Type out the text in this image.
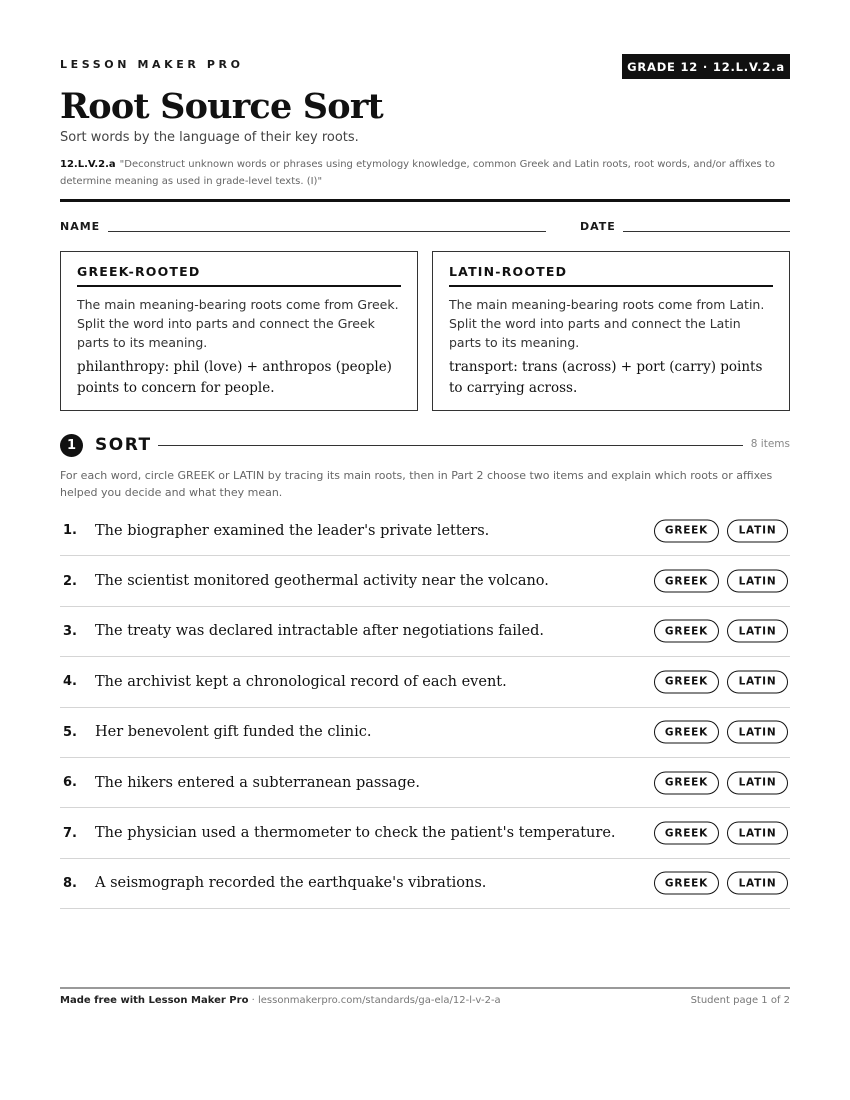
LESSON MAKER PRO	GRADE 12 · 12.L.V.2.a
Root Source Sort
Sort words by the language of their key roots.
12.L.V.2.a "Deconstruct unknown words or phrases using etymology knowledge, common Greek and Latin roots, root words, and/or affixes to determine meaning as used in grade-level texts. (I)"
NAME	DATE
GREEK-ROOTED
The main meaning-bearing roots come from Greek. Split the word into parts and connect the Greek parts to its meaning.
philanthropy: phil (love) + anthropos (people) points to concern for people.
LATIN-ROOTED
The main meaning-bearing roots come from Latin. Split the word into parts and connect the Latin parts to its meaning.
transport: trans (across) + port (carry) points to carrying across.
1	SORT	8 items
For each word, circle GREEK or LATIN by tracing its main roots, then in Part 2 choose two items and explain which roots or affixes helped you decide and what they mean.
1.	The biographer examined the leader's private letters.	GREEK	LATIN
2.	The scientist monitored geothermal activity near the volcano.	GREEK	LATIN
3.	The treaty was declared intractable after negotiations failed.	GREEK	LATIN
4.	The archivist kept a chronological record of each event.	GREEK	LATIN
5.	Her benevolent gift funded the clinic.	GREEK	LATIN
6.	The hikers entered a subterranean passage.	GREEK	LATIN
7.	The physician used a thermometer to check the patient's temperature.	GREEK	LATIN
8.	A seismograph recorded the earthquake's vibrations.	GREEK	LATIN
Made free with Lesson Maker Pro · lessonmakerpro.com/standards/ga-ela/12-l-v-2-a	Student page 1 of 2
